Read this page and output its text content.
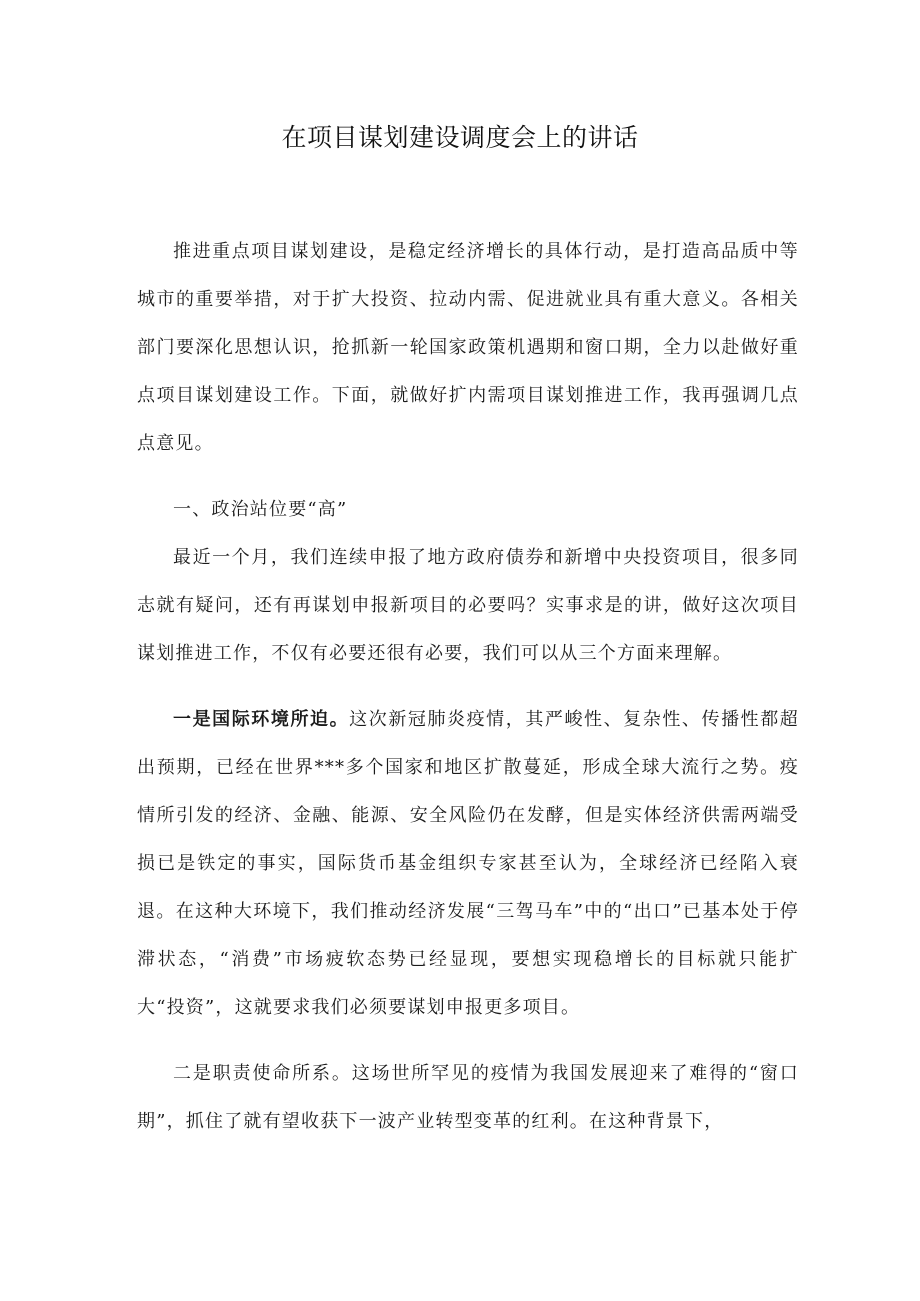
在项目谋划建设调度会上的讲话

推进重点项目谋划建设，是稳定经济增长的具体行动，是打造高品质中等城市的重要举措，对于扩大投资、拉动内需、促进就业具有重大意义。各相关部门要深化思想认识，抢抓新一轮国家政策机遇期和窗口期，全力以赴做好重点项目谋划建设工作。下面，就做好扩内需项目谋划推进工作，我再强调几点点意见。

一、政治站位要“高”

最近一个月，我们连续申报了地方政府债券和新增中央投资项目，很多同志就有疑问，还有再谋划申报新项目的必要吗？实事求是的讲，做好这次项目谋划推进工作，不仅有必要还很有必要，我们可以从三个方面来理解。

一是国际环境所迫。这次新冠肺炎疫情，其严峻性、复杂性、传播性都超出预期，已经在世界***多个国家和地区扩散蔓延，形成全球大流行之势。疫情所引发的经济、金融、能源、安全风险仍在发酵，但是实体经济供需两端受损已是铁定的事实，国际货币基金组织专家甚至认为，全球经济已经陷入衰退。在这种大环境下，我们推动经济发展“三驾马车”中的“出口”已基本处于停滞状态，“消费”市场疲软态势已经显现，要想实现稳增长的目标就只能扩大“投资”，这就要求我们必须要谋划申报更多项目。

二是职责使命所系。这场世所罕见的疫情为我国发展迎来了难得的“窗口期”，抓住了就有望收获下一波产业转型变革的红利。在这种背景下，
